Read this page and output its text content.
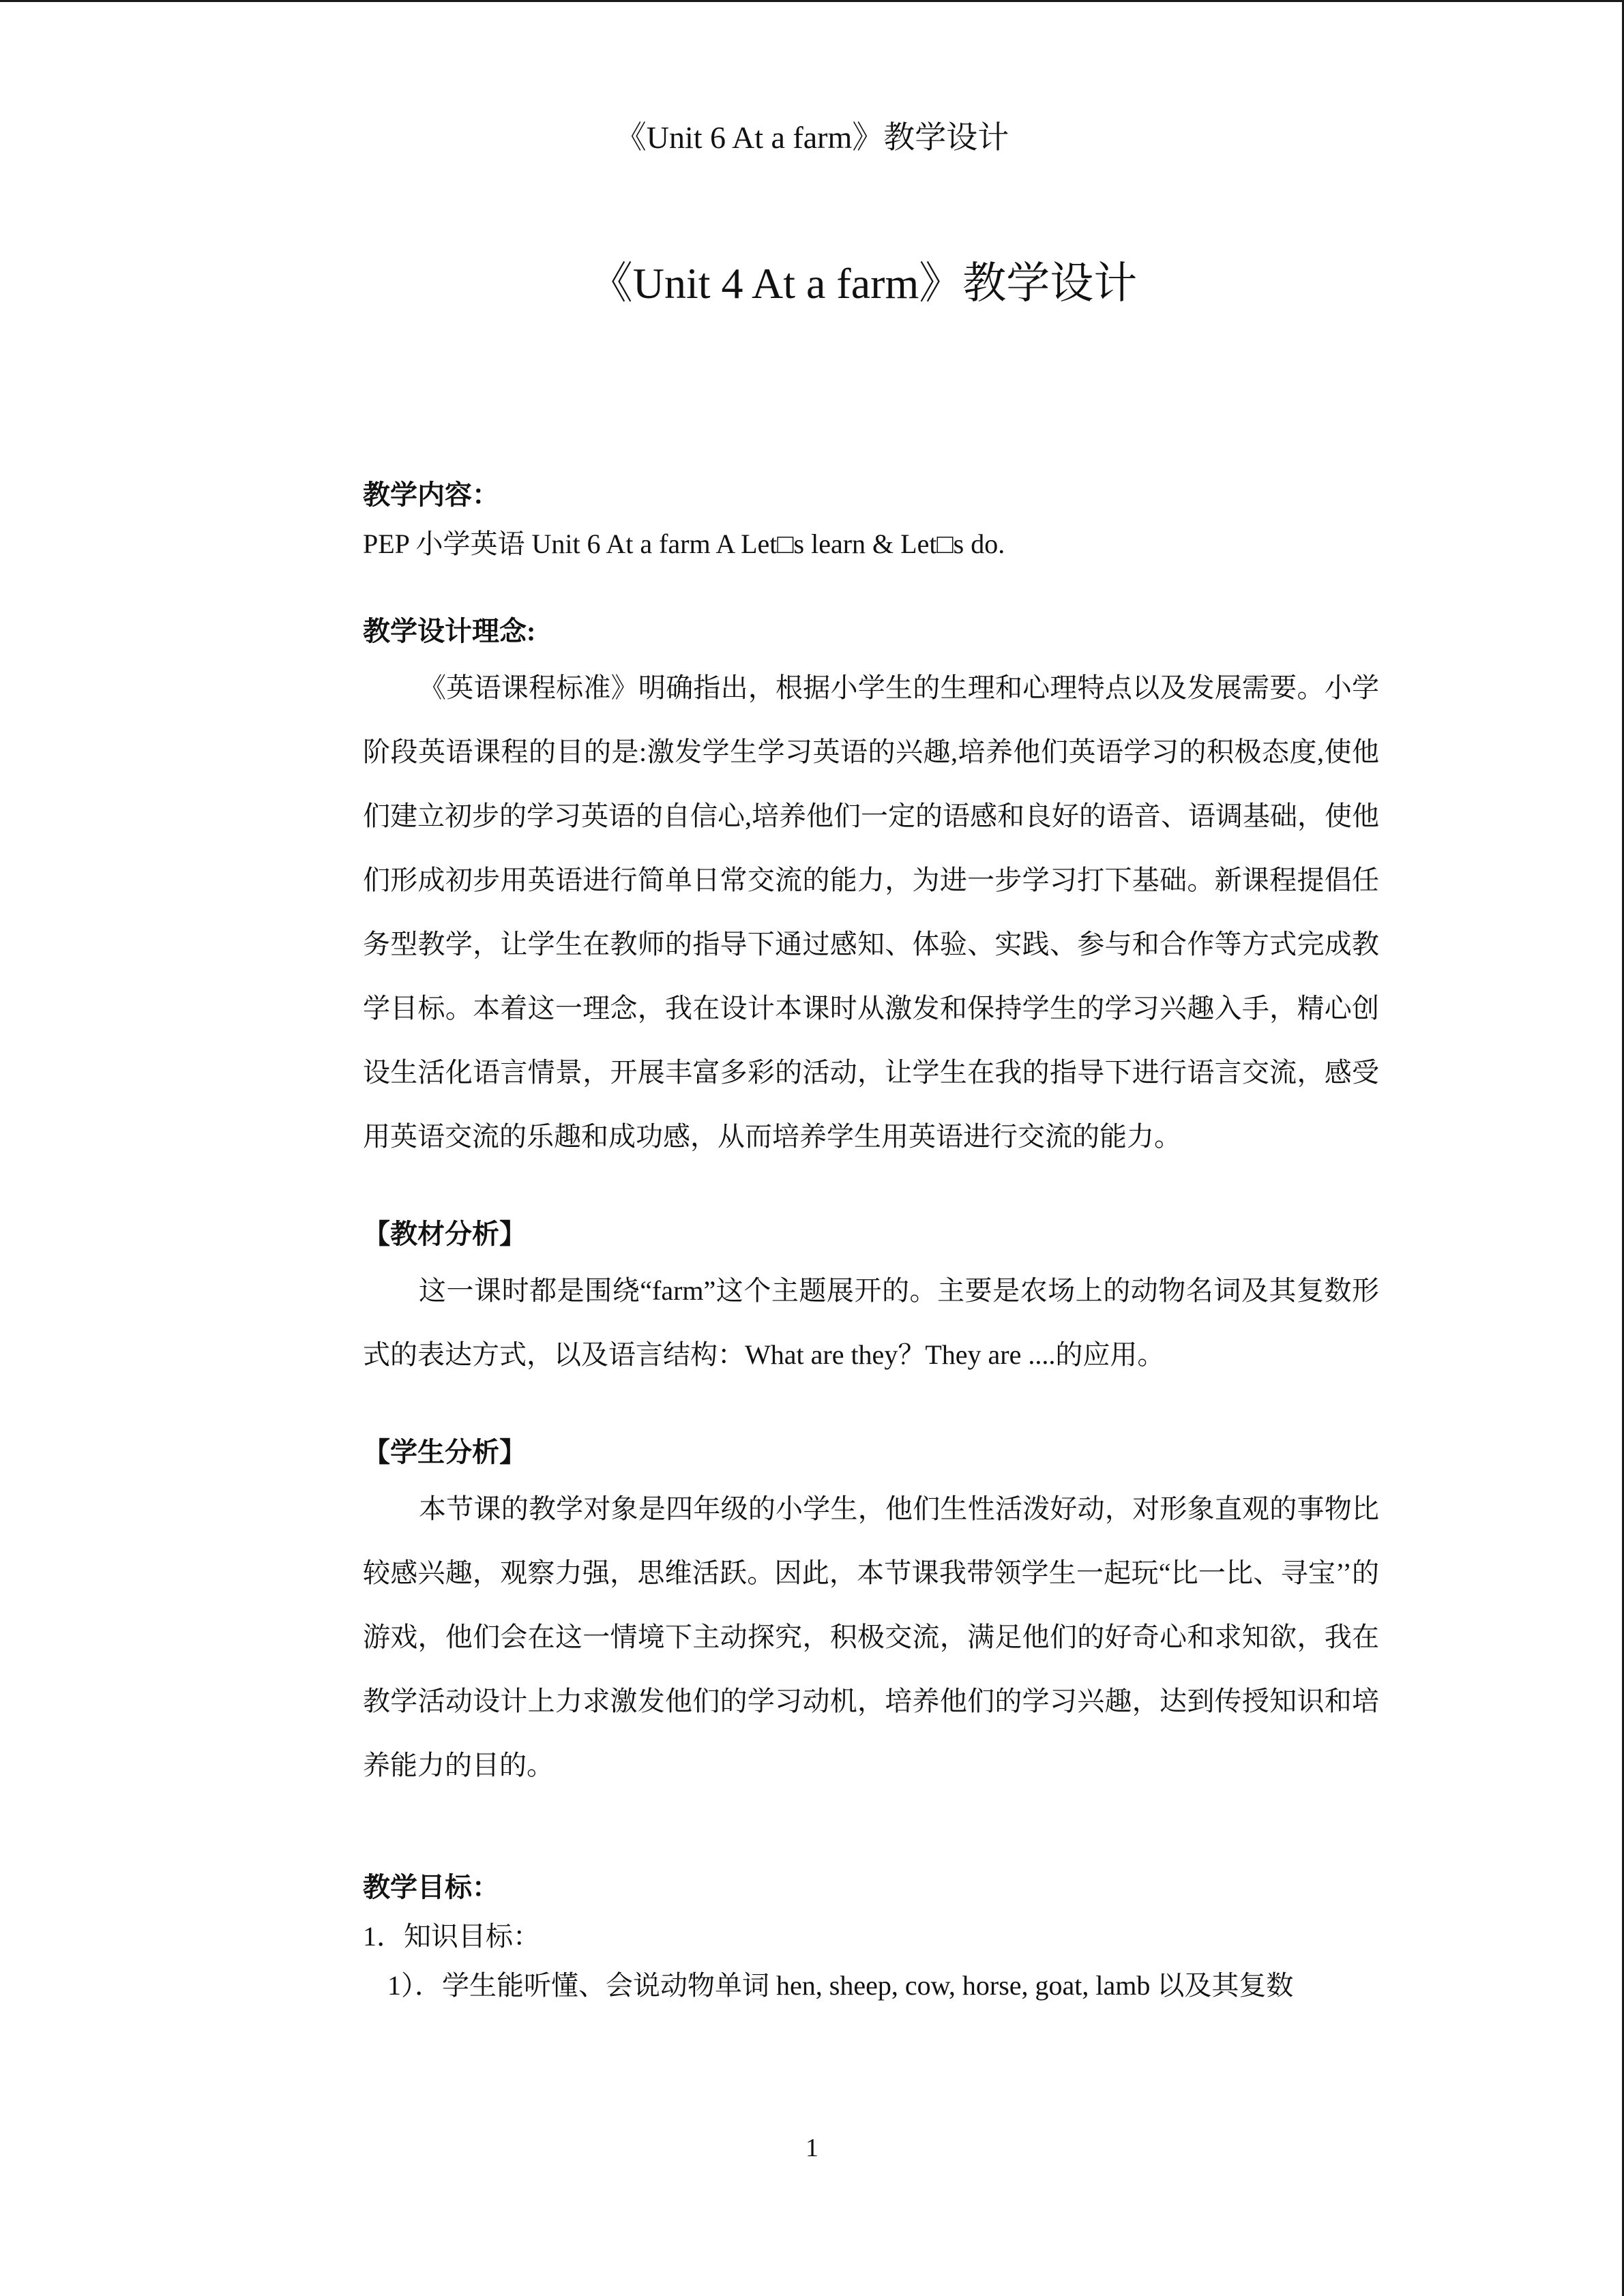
《Unit 6 At a farm》教学设计
《Unit 4 At a farm》教学设计

教学内容：

PEP 小学英语 Unit 6 At a farm A Let□s learn & Let□s do.

教学设计理念:

《英语课程标准》明确指出，根据小学生的生理和心理特点以及发展需要。小学阶段英语课程的目的是:激发学生学习英语的兴趣,培养他们英语学习的积极态度,使他们建立初步的学习英语的自信心,培养他们一定的语感和良好的语音、语调基础，使他们形成初步用英语进行简单日常交流的能力，为进一步学习打下基础。新课程提倡任务型教学，让学生在教师的指导下通过感知、体验、实践、参与和合作等方式完成教学目标。本着这一理念，我在设计本课时从激发和保持学生的学习兴趣入手，精心创设生活化语言情景，开展丰富多彩的活动，让学生在我的指导下进行语言交流，感受用英语交流的乐趣和成功感，从而培养学生用英语进行交流的能力。

【教材分析】

这一课时都是围绕“farm”这个主题展开的。主要是农场上的动物名词及其复数形式的表达方式，以及语言结构：What are they？They are ....的应用。

【学生分析】

本节课的教学对象是四年级的小学生，他们生性活泼好动，对形象直观的事物比较感兴趣，观察力强，思维活跃。因此，本节课我带领学生一起玩“比一比、寻宝’’的游戏，他们会在这一情境下主动探究，积极交流，满足他们的好奇心和求知欲，我在教学活动设计上力求激发他们的学习动机，培养他们的学习兴趣，达到传授知识和培养能力的目的。

教学目标：

1．知识目标：

1）．学生能听懂、会说动物单词 hen, sheep, cow, horse, goat, lamb 以及其复数

1
